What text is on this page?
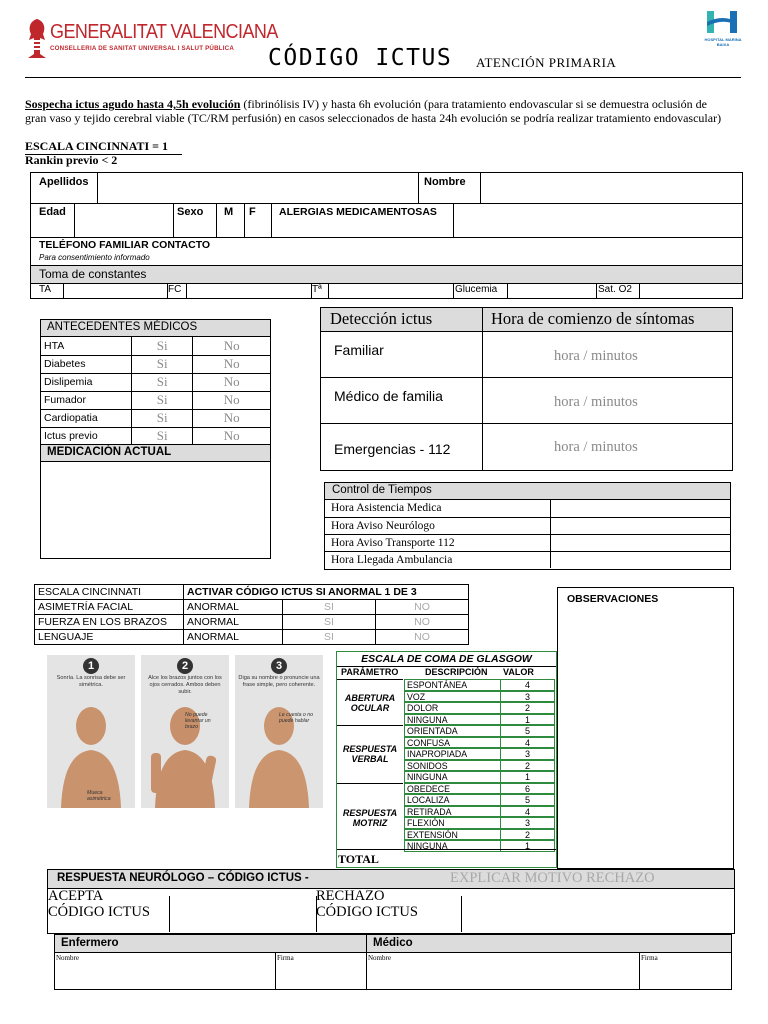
GENERALITAT VALENCIANA
CONSELLERIA DE SANITAT UNIVERSAL I SALUT PÚBLICA
HOSPITAL MARINA BAIXA
CÓDIGO ICTUS ATENCIÓN PRIMARIA
Sospecha ictus agudo hasta 4,5h evolución (fibrinólisis IV) y hasta 6h evolución (para tratamiento endovascular si se demuestra oclusión de gran vaso y tejido cerebral viable (TC/RM perfusión) en casos seleccionados de hasta 24h evolución se podría realizar tratamiento endovascular)
ESCALA CINCINNATI = 1
Rankin previo < 2
Apellidos	Nombre
Edad	Sexo M F ALERGIAS MEDICAMENTOSAS
TELÉFONO FAMILIAR CONTACTO
Para consentimiento informado
Toma de constantes
TA	FC	Tª	Glucemia	Sat. O2
ANTECEDENTES MÉDICOS
HTA	Si	No
Diabetes	Si	No
Dislipemia	Si	No
Fumador	Si	No
Cardiopatia	Si	No
Ictus previo	Si	No
MEDICACIÓN ACTUAL
Detección ictus	Hora de comienzo de síntomas
Familiar	hora / minutos
Médico de familia	hora / minutos
Emergencias - 112	hora / minutos
Control de Tiempos
Hora Asistencia Medica	
Hora Aviso Neurólogo	
Hora Aviso Transporte 112	
Hora Llegada Ambulancia	
ESCALA CINCINNATI	ACTIVAR CÓDIGO ICTUS SI ANORMAL 1 DE 3		
ASIMETRÍA FACIAL	ANORMAL	SI	NO
FUERZA EN LOS BRAZOS	ANORMAL	SI	NO
LENGUAJE	ANORMAL	SI	NO
OBSERVACIONES
1
Sonría. La sonrisa debe ser simétrica.
Mueca asimétrica
2
Alce los brazos juntos con los ojos cerrados. Ambos deben subir.
No puede levantar un brazo
3
Diga su nombre o pronuncie una frase simple, pero coherente.
Le cuesta o no puede hablar
ESCALA DE COMA DE GLASGOW
PARÁMETRO	DESCRIPCIÓN VALOR
ABERTURA OCULAR
ESPONTÁNEA	4
VOZ	3
DOLOR	2
NINGUNA	1
RESPUESTA VERBAL
ORIENTADA	5
CONFUSA	4
INAPROPIADA	3
SONIDOS	2
NINGUNA	1
RESPUESTA MOTRIZ
OBEDECE	6
LOCALIZA	5
RETIRADA	4
FLEXIÓN	3
EXTENSIÓN	2
NINGUNA	1
TOTAL
RESPUESTA NEURÓLOGO – CÓDIGO ICTUS -	EXPLICAR MOTIVO RECHAZO
ACEPTA
CÓDIGO ICTUS
RECHAZO
CÓDIGO ICTUS
Enfermero	Médico
Nombre	Firma	Nombre	Firma
